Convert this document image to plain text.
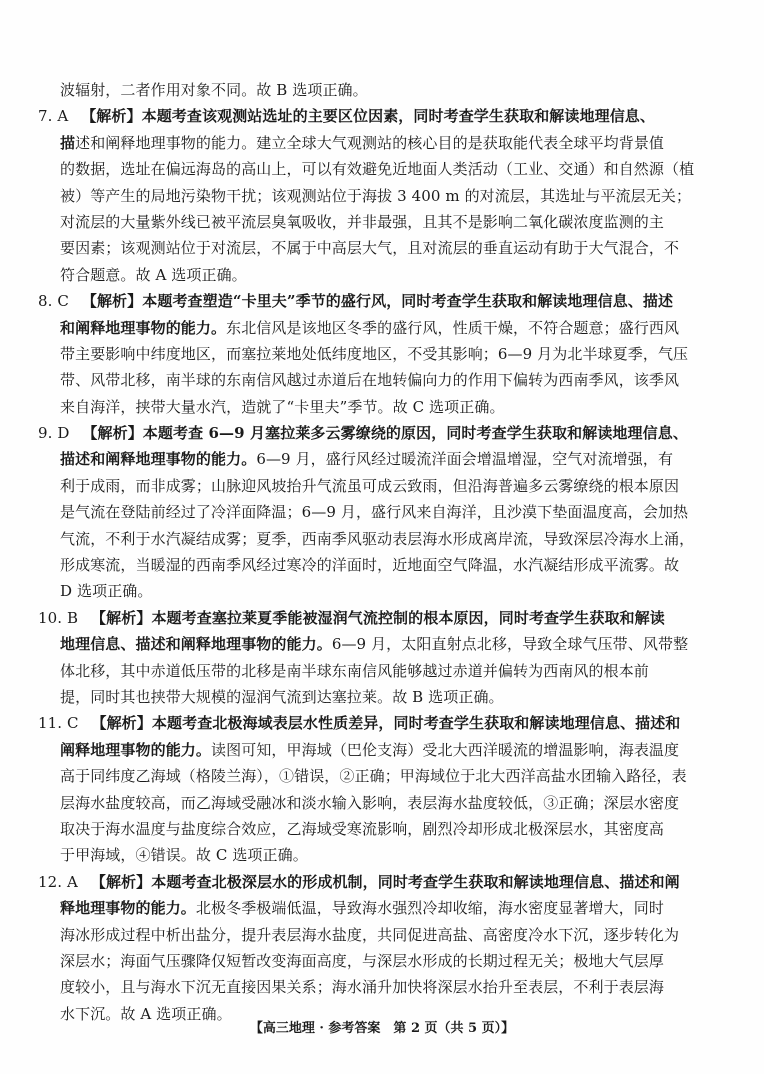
波辐射，二者作用对象不同。故 B 选项正确。
7. A 【解析】本题考查该观测站选址的主要区位因素，同时考查学生获取和解读地理信息、
描述和阐释地理事物的能力。建立全球大气观测站的核心目的是获取能代表全球平均背景值
的数据，选址在偏远海岛的高山上，可以有效避免近地面人类活动（工业、交通）和自然源（植
被）等产生的局地污染物干扰；该观测站位于海拔 3 400 m 的对流层，其选址与平流层无关；
对流层的大量紫外线已被平流层臭氧吸收，并非最强，且其不是影响二氧化碳浓度监测的主
要因素；该观测站位于对流层，不属于中高层大气，且对流层的垂直运动有助于大气混合，不
符合题意。故 A 选项正确。
8. C 【解析】本题考查塑造“卡里夫”季节的盛行风，同时考查学生获取和解读地理信息、描述
和阐释地理事物的能力。东北信风是该地区冬季的盛行风，性质干燥，不符合题意；盛行西风
带主要影响中纬度地区，而塞拉莱地处低纬度地区，不受其影响；6—9 月为北半球夏季，气压
带、风带北移，南半球的东南信风越过赤道后在地转偏向力的作用下偏转为西南季风，该季风
来自海洋，挟带大量水汽，造就了“卡里夫”季节。故 C 选项正确。
9. D 【解析】本题考查 6—9 月塞拉莱多云雾缭绕的原因，同时考查学生获取和解读地理信息、
描述和阐释地理事物的能力。6—9 月，盛行风经过暖流洋面会增温增湿，空气对流增强，有
利于成雨，而非成雾；山脉迎风坡抬升气流虽可成云致雨，但沿海普遍多云雾缭绕的根本原因
是气流在登陆前经过了冷洋面降温；6—9 月，盛行风来自海洋，且沙漠下垫面温度高，会加热
气流，不利于水汽凝结成雾；夏季，西南季风驱动表层海水形成离岸流，导致深层冷海水上涌，
形成寒流，当暖湿的西南季风经过寒冷的洋面时，近地面空气降温，水汽凝结形成平流雾。故
D 选项正确。
10. B 【解析】本题考查塞拉莱夏季能被湿润气流控制的根本原因，同时考查学生获取和解读
地理信息、描述和阐释地理事物的能力。6—9 月，太阳直射点北移，导致全球气压带、风带整
体北移，其中赤道低压带的北移是南半球东南信风能够越过赤道并偏转为西南风的根本前
提，同时其也挟带大规模的湿润气流到达塞拉莱。故 B 选项正确。
11. C 【解析】本题考查北极海域表层水性质差异，同时考查学生获取和解读地理信息、描述和
阐释地理事物的能力。读图可知，甲海域（巴伦支海）受北大西洋暖流的增温影响，海表温度
高于同纬度乙海域（格陵兰海），①错误，②正确；甲海域位于北大西洋高盐水团输入路径，表
层海水盐度较高，而乙海域受融冰和淡水输入影响，表层海水盐度较低，③正确；深层水密度
取决于海水温度与盐度综合效应，乙海域受寒流影响，剧烈冷却形成北极深层水，其密度高
于甲海域，④错误。故 C 选项正确。
12. A 【解析】本题考查北极深层水的形成机制，同时考查学生获取和解读地理信息、描述和阐
释地理事物的能力。北极冬季极端低温，导致海水强烈冷却收缩，海水密度显著增大，同时
海冰形成过程中析出盐分，提升表层海水盐度，共同促进高盐、高密度冷水下沉，逐步转化为
深层水；海面气压骤降仅短暂改变海面高度，与深层水形成的长期过程无关；极地大气层厚
度较小，且与海水下沉无直接因果关系；海水涌升加快将深层水抬升至表层，不利于表层海
水下沉。故 A 选项正确。
【高三地理 · 参考答案　第 2 页（共 5 页）】
